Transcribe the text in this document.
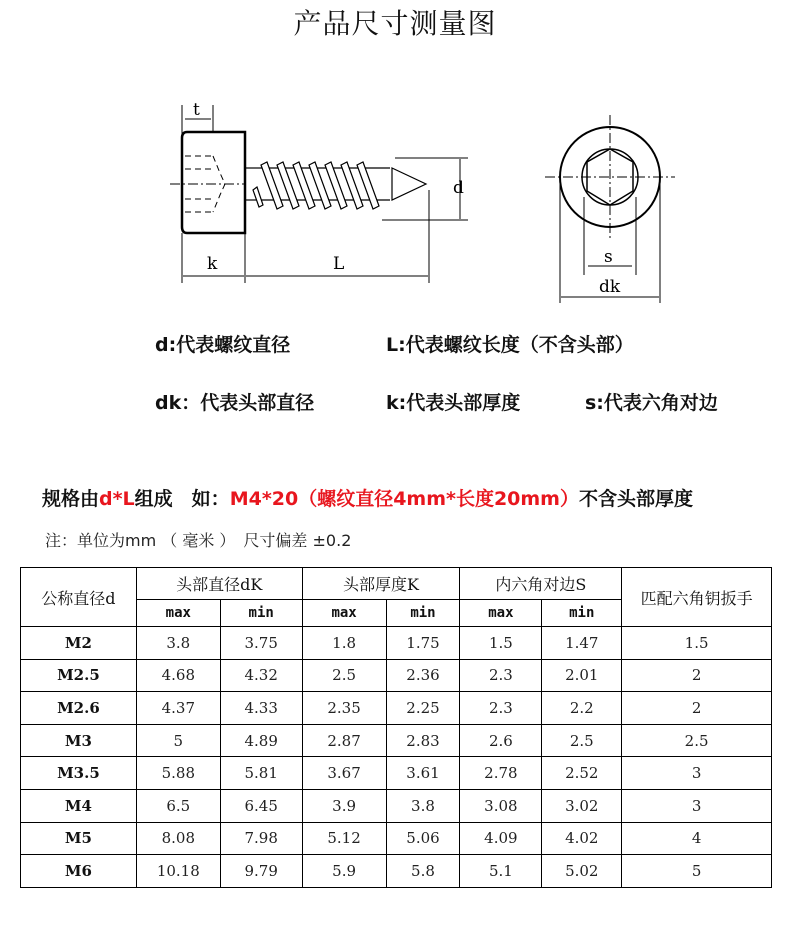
产品尺寸测量图
t
d
k	L	s
dk
d:代表螺纹直径	L:代表螺纹长度（不含头部）
dk：代表头部直径	k:代表头部厚度	s:代表六角对边
规格由d*L组成　如：M4*20（螺纹直径4mm*长度20mm）不含头部厚度
注：单位为mm （ 毫米 ）　尺寸偏差 ±0.2
公称直径d	头部直径dK		头部厚度K		内六角对边S		匹配六角钥扳手
	max	min	max	min	max	min	
M2	3.8	3.75	1.8	1.75	1.5	1.47	1.5
M2.5	4.68	4.32	2.5	2.36	2.3	2.01	2
M2.6	4.37	4.33	2.35	2.25	2.3	2.2	2
M3	5	4.89	2.87	2.83	2.6	2.5	2.5
M3.5	5.88	5.81	3.67	3.61	2.78	2.52	3
M4	6.5	6.45	3.9	3.8	3.08	3.02	3
M5	8.08	7.98	5.12	5.06	4.09	4.02	4
M6	10.18	9.79	5.9	5.8	5.1	5.02	5
